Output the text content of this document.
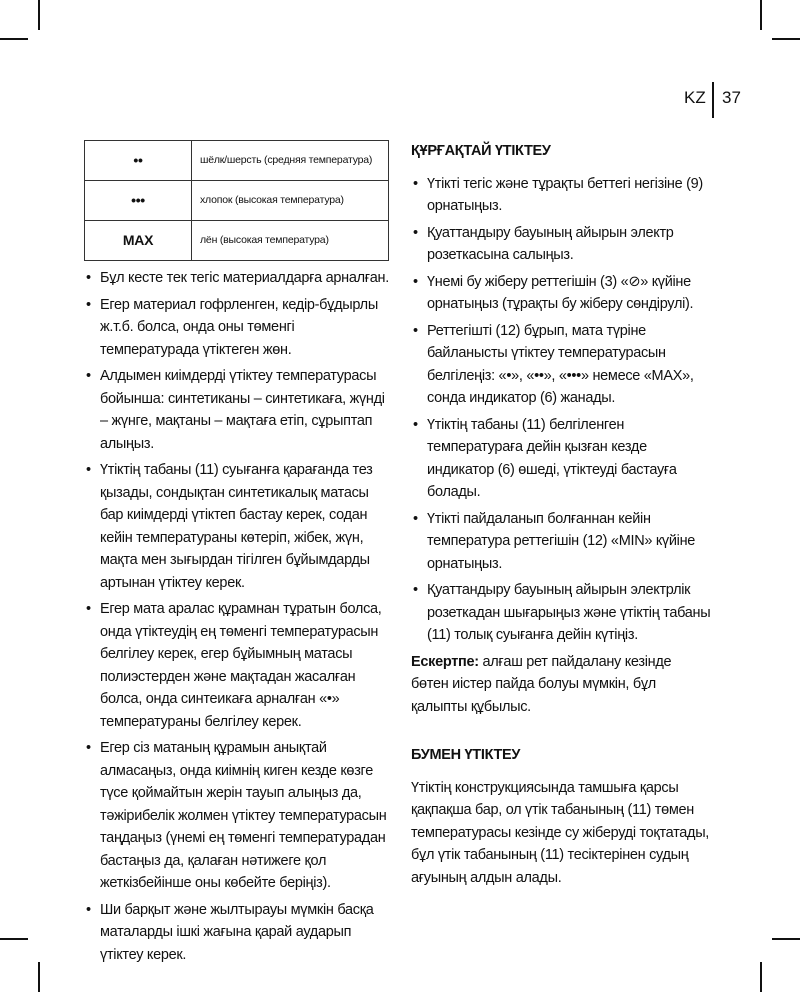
KZ 37
••	шёлк/шерсть (средняя температура)
•••	хлопок (высокая температура)
MAX	лён (высокая температура)
• Бұл кесте тек тегіс материалдарға арналған.
• Егер материал гофрленген, кедір-бұдырлы ж.т.б. болса, онда оны төменгі температурада үтіктеген жөн.
• Алдымен киімдерді үтіктеу температурасы бойынша: синтетиканы – синтетикаға, жүнді – жүнге, мақтаны – мақтаға етіп, сұрыптап алыңыз.
• Үтіктің табаны (11) суығанға қарағанда тез қызады, сондықтан синтетикалық матасы бар киімдерді үтіктеп бастау керек, содан кейін температураны көтеріп, жібек, жүн, мақта мен зығырдан тігілген бұйымдарды артынан үтіктеу керек.
• Егер мата аралас құрамнан тұратын болса, онда үтіктеудің ең төменгі температурасын белгілеу керек, егер бұйымның матасы полиэстерден және мақтадан жасалған болса, онда синтеикаға арналған «•» температураны белгілеу керек.
• Егер сіз матаның құрамын анықтай алмасаңыз, онда киімнің киген кезде көзге түсе қоймайтын жерін тауып алыңыз да, тәжірибелік жолмен үтіктеу температурасын таңдаңыз (үнемі ең төменгі температурадан бастаңыз да, қалаған нәтижеге қол жеткізбейінше оны көбейте беріңіз).
• Ши барқыт және жылтырауы мүмкін басқа маталарды ішкі жағына қарай аударып үтіктеу керек.
ҚҰРҒАҚТАЙ ҮТІКТЕУ
• Үтікті тегіс және тұрақты беттегі негізіне (9) орнатыңыз.
• Қуаттандыру бауының айырын электр розеткасына салыңыз.
• Үнемі бу жіберу реттегішін (3) «⊘» күйіне орнатыңыз (тұрақты бу жіберу сөндірулі).
• Реттегішті (12) бұрып, мата түріне байланысты үтіктеу температурасын белгілеңіз: «•», «••», «•••» немесе «MAX», сонда индикатор (6) жанады.
• Үтіктің табаны (11) белгіленген температураға дейін қызған кезде индикатор (6) өшеді, үтіктеуді бастауға болады.
• Үтікті пайдаланып болғаннан кейін температура реттегішін (12) «MIN» күйіне орнатыңыз.
• Қуаттандыру бауының айырын электрлік розеткадан шығарыңыз және үтіктің табаны (11) толық суығанға дейін күтіңіз.

Ескертпе: алғаш рет пайдалану кезінде бөтен иістер пайда болуы мүмкін, бұл қалыпты құбылыс.

БУМЕН ҮТІКТЕУ

Үтіктің конструкциясында тамшыға қарсы қақпақша бар, ол үтік табанының (11) төмен температурасы кезінде су жіберуді тоқтатады, бұл үтік табанының (11) тесіктерінен судың ағуының алдын алады.
